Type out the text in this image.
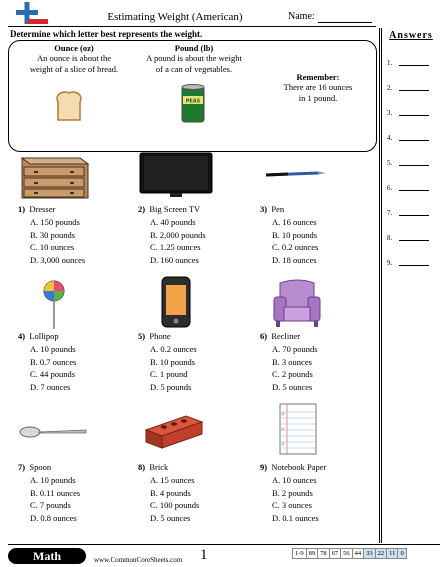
Estimating Weight (American)	Name:
Determine which letter best represents the weight.
Ounce (oz)
An ounce is about the
weight of a slice of bread.
Pound (lb)
A pound is about the weight
of a can of vegetables.
PEAS
Remember:
There are 16 ounces
in 1 pound.
Answers
1.
2.
3.
4.
5.
6.
7.
8.
9.
1) Dresser
A. 150 pounds
B. 30 pounds
C. 10 ounces
D. 3,000 ounces
2) Big Screen TV
A. 40 pounds
B. 2,000 pounds
C. 1.25 ounces
D. 160 ounces
3) Pen
A. 16 ounces
B. 10 pounds
C. 0.2 ounces
D. 18 ounces
4) Lollipop
A. 10 pounds
B. 0.7 ounces
C. 44 pounds
D. 7 ounces
5) Phone
A. 0.2 ounces
B. 10 pounds
C. 1 pound
D. 5 pounds
6) Recliner
A. 70 pounds
B. 3 ounces
C. 2 pounds
D. 5 ounces
7) Spoon
A. 10 pounds
B. 0.11 ounces
C. 7 pounds
D. 0.8 ounces
8) Brick
A. 15 ounces
B. 4 pounds
C. 100 pounds
D. 5 ounces
9) Notebook Paper
A. 10 ounces
B. 2 pounds
C. 3 ounces
D. 0.1 ounces
Math	www.CommonCoreSheets.com 1	1-9	89	78	67	56	44	33	22	11	0
